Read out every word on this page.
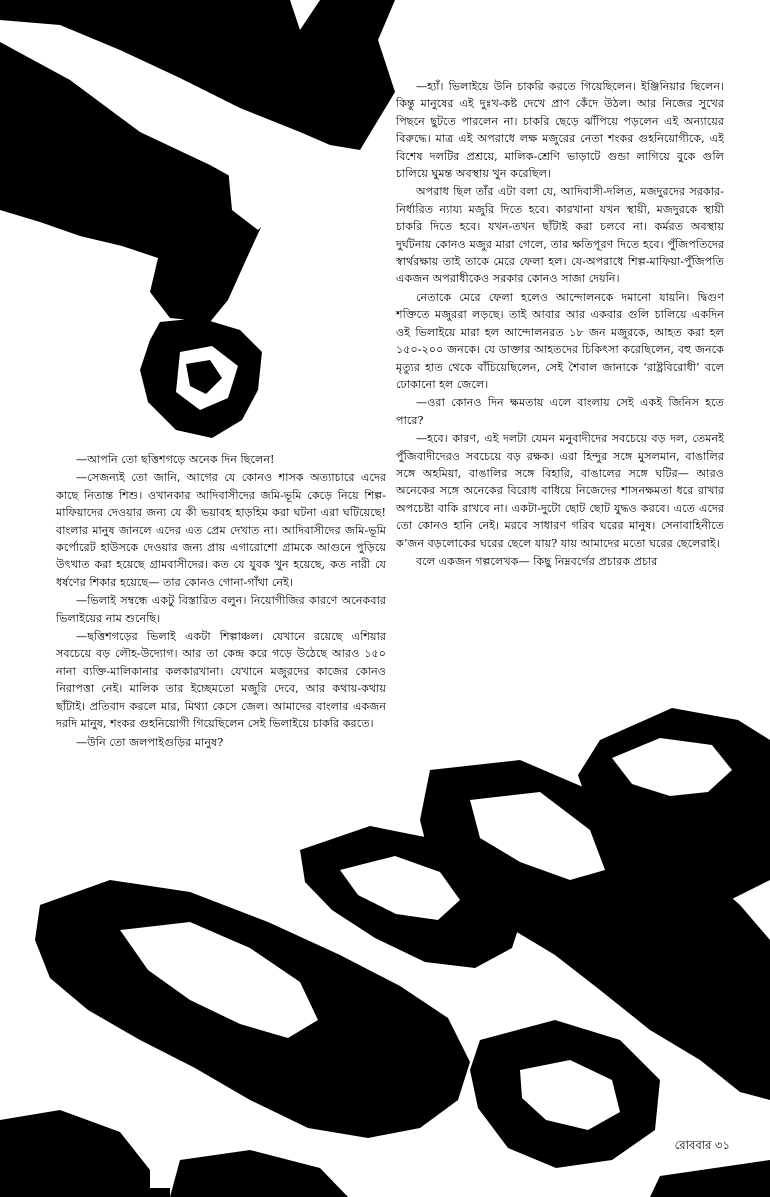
—আপনি তো ছত্তিশগড়ে অনেক দিন ছিলেন!

—সেজন্যই তো জানি, আগের যে কোনও শাসক অত্যাচারে এদের কাছে নিতান্ত শিশু। ওখানকার আদিবাসীদের জমি-ভূমি কেড়ে নিয়ে শিল্প-মাফিয়াদের দেওয়ার জন্য যে কী ভয়াবহ হাড়হিম করা ঘটনা এরা ঘটিয়েছে! বাংলার মানুষ জানলে এদের এত প্রেম দেখাত না। আদিবাসীদের জমি-ভূমি কর্পোরেট হাউসকে দেওয়ার জন্য প্রায় এগারোশো গ্রামকে আগুনে পুড়িয়ে উৎখাত করা হয়েছে গ্রামবাসীদের। কত যে যুবক খুন হয়েছে, কত নারী যে ধর্ষণের শিকার হয়েছে— তার কোনও গোনা-গাঁথা নেই।

—ভিলাই সম্বন্ধে একটু বিস্তারিত বলুন। নিয়োগীজির কারণে অনেকবার ভিলাইয়ের নাম শুনেছি।

—ছত্তিশগড়ের ভিলাই একটা শিল্পাঞ্চল। যেখানে রয়েছে এশিয়ার সবচেয়ে বড় লৌহ-উদ্যোগ। আর তা কেন্দ্র করে গড়ে উঠেছে আরও ১৫০ নানা ব্যক্তি-মালিকানার কলকারখানা। যেখানে মজুরদের কাজের কোনও নিরাপত্তা নেই। মালিক তার ইচ্ছেমতো মজুরি দেবে, আর কথায়-কথায় ছাঁটাই। প্রতিবাদ করলে মার, মিথ্যা কেসে জেল। আমাদের বাংলার একজন দরদি মানুষ, শংকর গুহনিয়োগী গিয়েছিলেন সেই ভিলাইয়ে চাকরি করতে।

—উনি তো জলপাইগুড়ির মানুষ?

—হ্যাঁ। ভিলাইয়ে উনি চাকরি করতে গিয়েছিলেন। ইঞ্জিনিয়ার ছিলেন। কিন্তু মানুষের এই দুঃখ-কষ্ট দেখে প্রাণ কেঁদে উঠল। আর নিজের সুখের পিছনে ছুটতে পারলেন না। চাকরি ছেড়ে ঝাঁপিয়ে পড়লেন এই অন্যায়ের বিরুদ্ধে। মাত্র এই অপরাধে লক্ষ মজুরের নেতা শংকর গুহনিয়োগীকে, এই বিশেষ দলটির প্রশ্রয়ে, মালিক-শ্রেণি ভাড়াটে গুন্ডা লাগিয়ে বুকে গুলি চালিয়ে ঘুমন্ত অবস্থায় খুন করেছিল।

অপরাধ ছিল তাঁর এটা বলা যে, আদিবাসী-দলিত, মজদুরদের সরকার-নির্ধারিত ন্যায্য মজুরি দিতে হবে। কারখানা যখন স্থায়ী, মজদুরকে স্থায়ী চাকরি দিতে হবে। যখন-তখন ছাঁটাই করা চলবে না। কর্মরত অবস্থায় দুর্ঘটনায় কোনও মজুর মারা গেলে, তার ক্ষতিপূরণ দিতে হবে। পুঁজিপতিদের স্বার্থরক্ষায় তাই তাকে মেরে ফেলা হল। যে-অপরাধে শিল্প-মাফিয়া-পুঁজিপতি একজন অপরাধীকেও সরকার কোনও সাজা দেয়নি।

নেতাকে মেরে ফেলা হলেও আন্দোলনকে দমানো যায়নি। দ্বিগুণ শক্তিতে মজুররা লড়ছে। তাই আবার আর একবার গুলি চালিয়ে একদিন ওই ভিলাইয়ে মারা হল আন্দোলনরত ১৮ জন মজুরকে, আহত করা হল ১৫০-২০০ জনকে। যে ডাক্তার আহতদের চিকিৎসা করেছিলেন, বহু জনকে মৃত্যুর হাত থেকে বাঁচিয়েছিলেন, সেই শৈবাল জানাকে ‘রাষ্ট্রবিরোধী’ বলে ঢোকানো হল জেলে।

—ওরা কোনও দিন ক্ষমতায় এলে বাংলায় সেই একই জিনিস হতে পারে?

—হবে। কারণ, এই দলটা যেমন মনুবাদীদের সবচেয়ে বড় দল, তেমনই পুঁজিবাদীদেরও সবচেয়ে বড় রক্ষক। এরা হিন্দুর সঙ্গে মুসলমান, বাঙালির সঙ্গে অহমিয়া, বাঙালির সঙ্গে বিহারি, বাঙালের সঙ্গে ঘটির— আরও অনেকের সঙ্গে অনেকের বিরোধ বাধিয়ে নিজেদের শাসনক্ষমতা ধরে রাখার অপচেষ্টা বাকি রাখবে না। একটা-দুটো ছোট ছোট যুদ্ধও করবে। এতে এদের তো কোনও হানি নেই। মরবে সাধারণ গরিব ঘরের মানুষ। সেনাবাহিনীতে ক’জন বড়লোকের ঘরের ছেলে যায়? যায় আমাদের মতো ঘরের ছেলেরাই।

বলে একজন গল্পলেখক— কিছু নিম্নবর্গের প্রচারক প্রচার

রোববার ৩১
